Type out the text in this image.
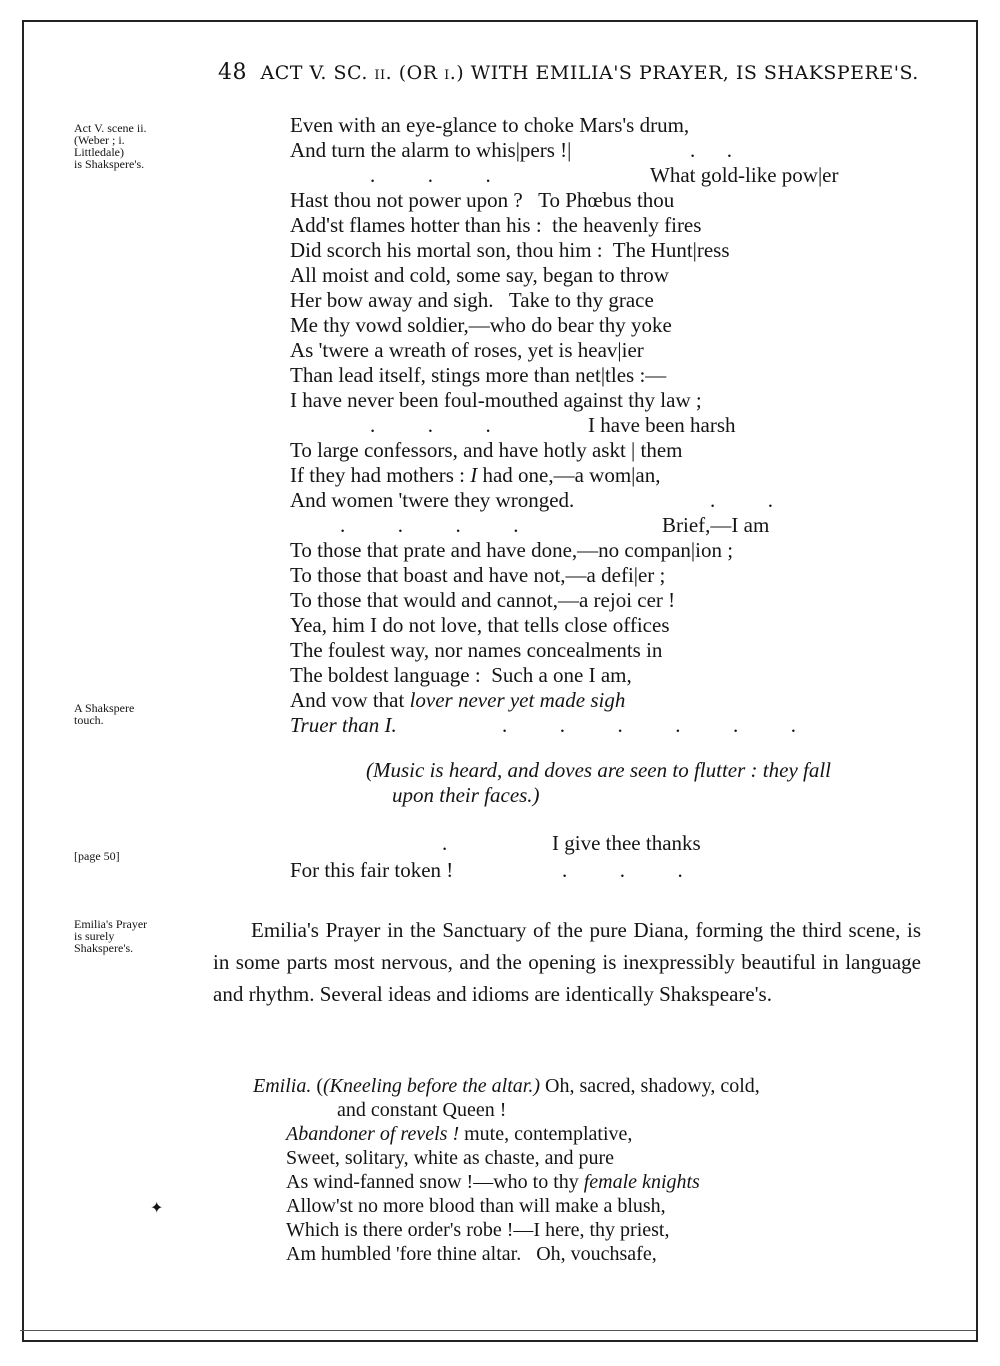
48 ACT V. SC. ii. (OR i.) WITH EMILIA'S PRAYER, IS SHAKSPERE'S.
Act V. scene ii.
(Weber ; i.
Littledale)
is Shakspere's.
A Shakspere
touch.
[page 50]
Emilia's Prayer
is surely
Shakspere's.
Even with an eye-glance to choke Mars's drum,
And turn the alarm to whis|pers !|	.      .
.          .          .	What gold-like pow|er
Hast thou not power upon ?   To Phœbus thou
Add'st flames hotter than his :  the heavenly fires
Did scorch his mortal son, thou him :  The Hunt|ress
All moist and cold, some say, began to throw
Her bow away and sigh.   Take to thy grace
Me thy vowd soldier,—who do bear thy yoke
As 'twere a wreath of roses, yet is heav|ier
Than lead itself, stings more than net|tles :—
I have never been foul-mouthed against thy law ;
.          .          .	I have been harsh
To large confessors, and have hotly askt | them
If they had mothers : I had one,—a wom|an,
And women 'twere they wronged.	.          .
.          .          .          .	Brief,—I am
To those that prate and have done,—no compan|ion ;
To those that boast and have not,—a defi|er ;
To those that would and cannot,—a rejoi cer !
Yea, him I do not love, that tells close offices
The foulest way, nor names concealments in
The boldest language :  Such a one I am,
And vow that lover never yet made sigh
Truer than I.	.          .          .          .          .          .
(Music is heard, and doves are seen to flutter : they fall
upon their faces.)
.	I give thee thanks
For this fair token !	.          .          .

Emilia's Prayer in the Sanctuary of the pure Diana, forming the third scene, is in some parts most nervous, and the opening is inexpressibly beautiful in language and rhythm. Several ideas and idioms are identically Shakspeare's.

Emilia. ((Kneeling before the altar.) Oh, sacred, shadowy, cold,
and constant Queen !
Abandoner of revels ! mute, contemplative,
Sweet, solitary, white as chaste, and pure
As wind-fanned snow !—who to thy female knights
Allow'st no more blood than will make a blush,
Which is there order's robe !—I here, thy priest,
Am humbled 'fore thine altar.   Oh, vouchsafe,
✦
